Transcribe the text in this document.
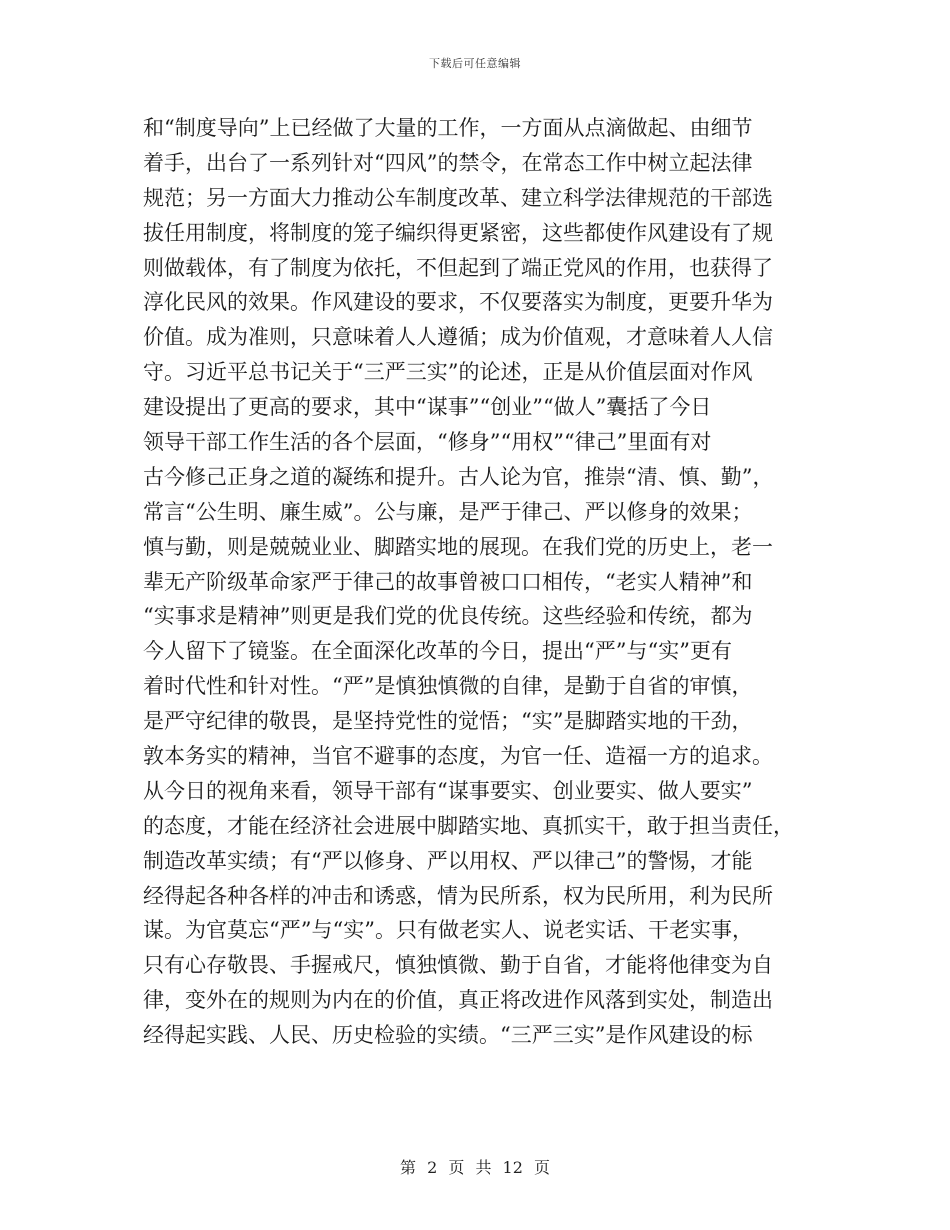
下载后可任意编辑
和“制度导向”上已经做了大量的工作，一方面从点滴做起、由细节
着手，出台了一系列针对“四风”的禁令，在常态工作中树立起法律
规范；另一方面大力推动公车制度改革、建立科学法律规范的干部选
拔任用制度，将制度的笼子编织得更紧密，这些都使作风建设有了规
则做载体，有了制度为依托，不但起到了端正党风的作用，也获得了
淳化民风的效果。作风建设的要求，不仅要落实为制度，更要升华为
价值。成为准则，只意味着人人遵循；成为价值观，才意味着人人信
守。习近平总书记关于“三严三实”的论述，正是从价值层面对作风
建设提出了更高的要求，其中“谋事”“创业”“做人”囊括了今日
领导干部工作生活的各个层面，“修身”“用权”“律己”里面有对
古今修己正身之道的凝练和提升。古人论为官，推崇“清、慎、勤”，
常言“公生明、廉生威”。公与廉，是严于律己、严以修身的效果；
慎与勤，则是兢兢业业、脚踏实地的展现。在我们党的历史上，老一
辈无产阶级革命家严于律己的故事曾被口口相传，“老实人精神”和
“实事求是精神”则更是我们党的优良传统。这些经验和传统，都为
今人留下了镜鉴。在全面深化改革的今日，提出“严”与“实”更有
着时代性和针对性。“严”是慎独慎微的自律，是勤于自省的审慎，
是严守纪律的敬畏，是坚持党性的觉悟；“实”是脚踏实地的干劲，
敦本务实的精神，当官不避事的态度，为官一任、造福一方的追求。
从今日的视角来看，领导干部有“谋事要实、创业要实、做人要实”
的态度，才能在经济社会进展中脚踏实地、真抓实干，敢于担当责任，
制造改革实绩；有“严以修身、严以用权、严以律己”的警惕，才能
经得起各种各样的冲击和诱惑，情为民所系，权为民所用，利为民所
谋。为官莫忘“严”与“实”。只有做老实人、说老实话、干老实事，
只有心存敬畏、手握戒尺，慎独慎微、勤于自省，才能将他律变为自
律，变外在的规则为内在的价值，真正将改进作风落到实处，制造出
经得起实践、人民、历史检验的实绩。“三严三实”是作风建设的标
第 2 页 共 12 页
